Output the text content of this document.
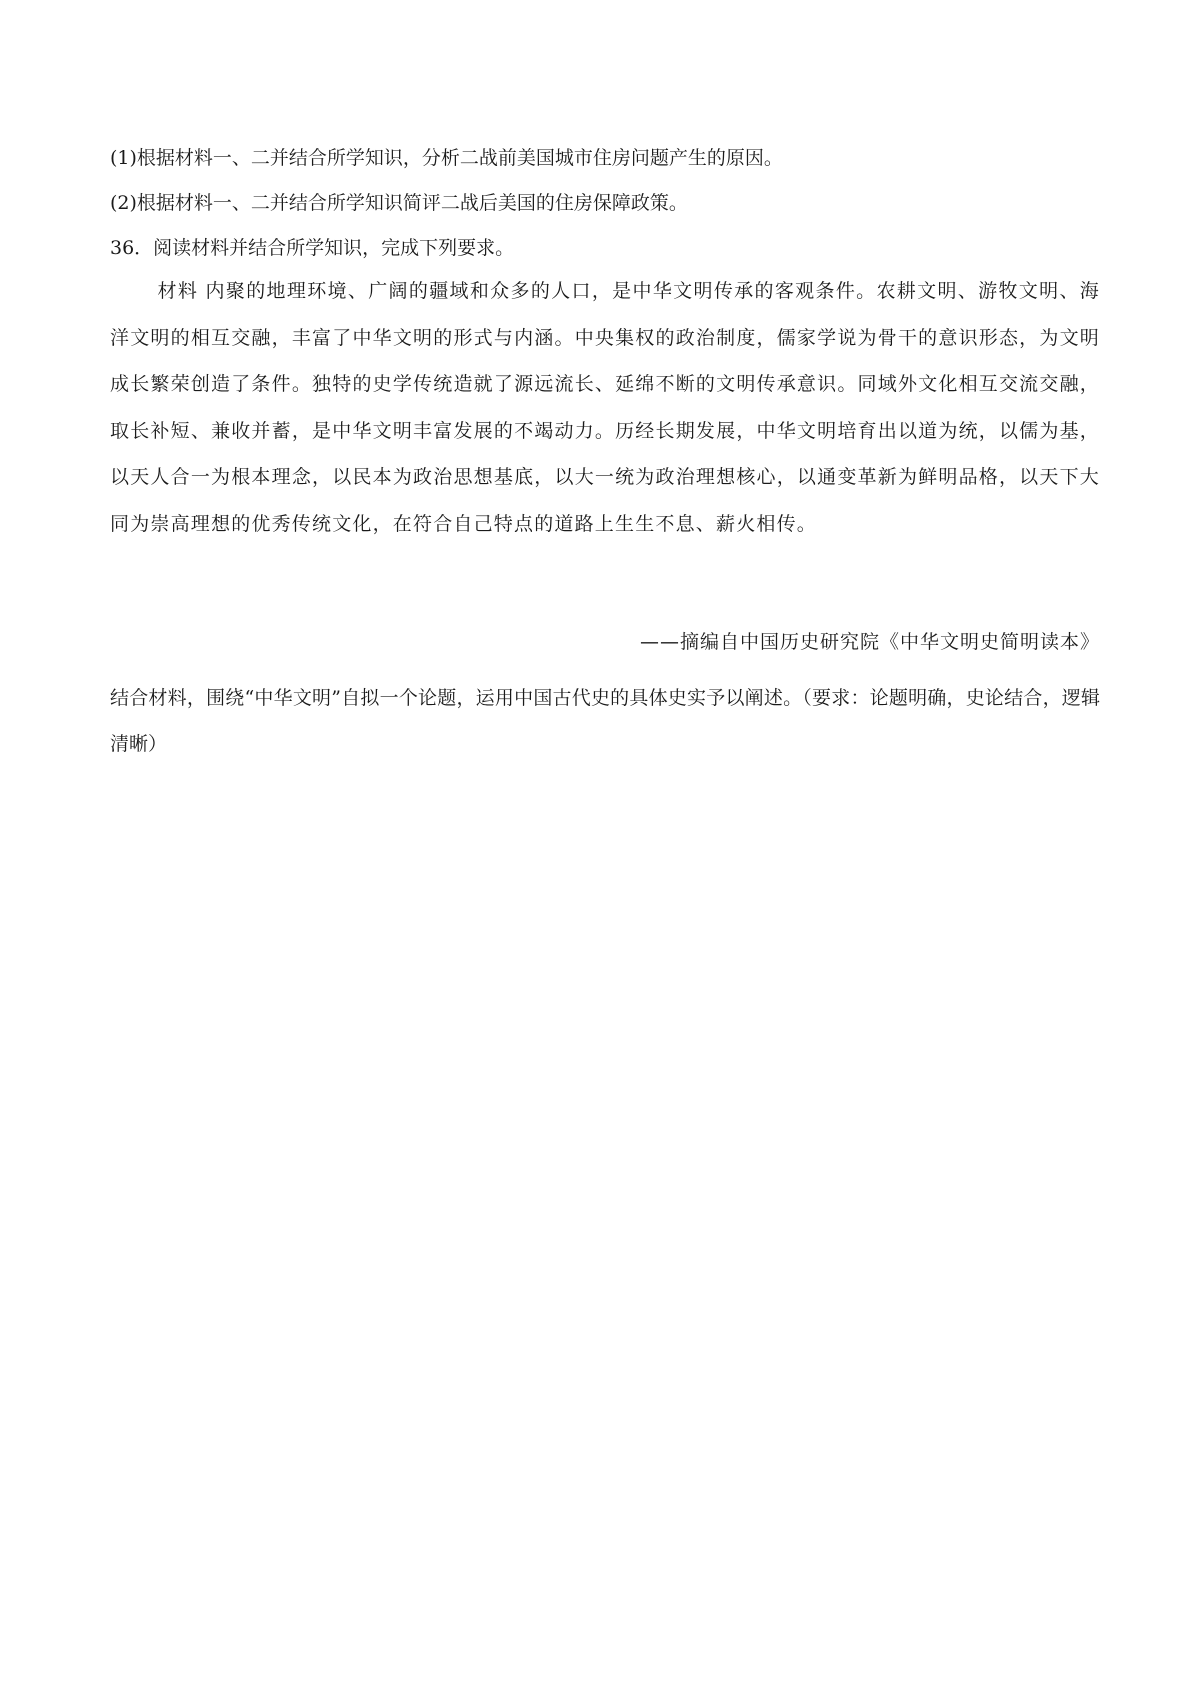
(1)根据材料一、二并结合所学知识，分析二战前美国城市住房问题产生的原因。
(2)根据材料一、二并结合所学知识简评二战后美国的住房保障政策。
36．阅读材料并结合所学知识，完成下列要求。
材料 内聚的地理环境、广阔的疆域和众多的人口，是中华文明传承的客观条件。农耕文明、游牧文明、海洋文明的相互交融，丰富了中华文明的形式与内涵。中央集权的政治制度，儒家学说为骨干的意识形态，为文明成长繁荣创造了条件。独特的史学传统造就了源远流长、延绵不断的文明传承意识。同域外文化相互交流交融，取长补短、兼收并蓄，是中华文明丰富发展的不竭动力。历经长期发展，中华文明培育出以道为统，以儒为基，以天人合一为根本理念，以民本为政治思想基底，以大一统为政治理想核心，以通变革新为鲜明品格，以天下大同为崇高理想的优秀传统文化，在符合自己特点的道路上生生不息、薪火相传。
——摘编自中国历史研究院《中华文明史简明读本》
结合材料，围绕“中华文明”自拟一个论题，运用中国古代史的具体史实予以阐述。（要求：论题明确，史论结合，逻辑清晰）
